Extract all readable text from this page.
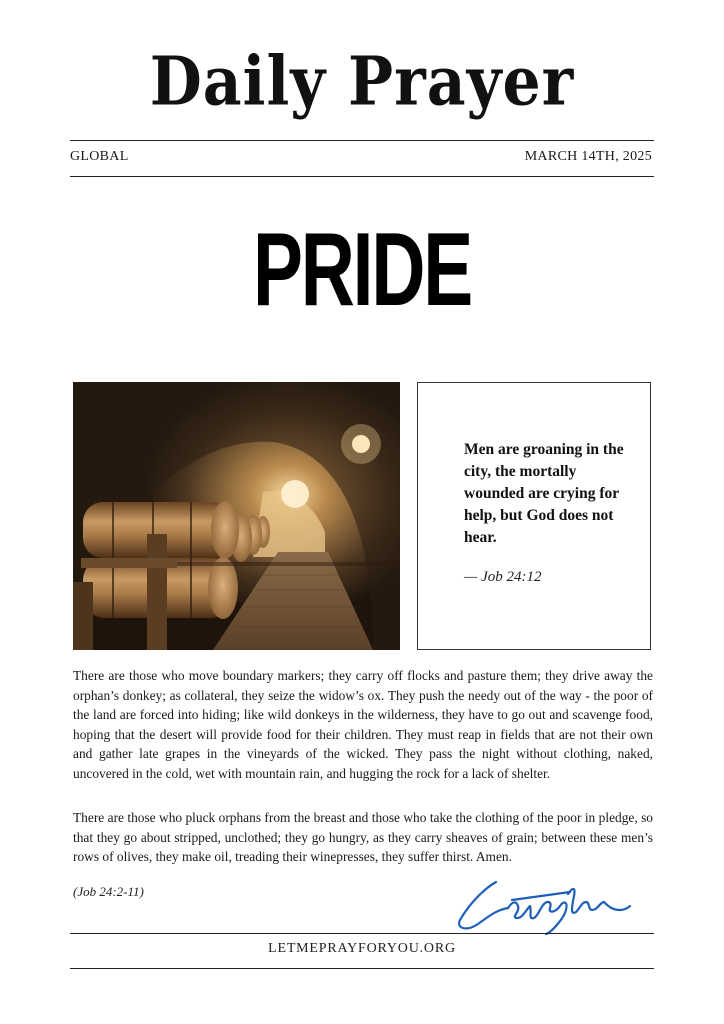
Daily Prayer
GLOBAL	MARCH 14TH, 2025
PRIDE
Men are groaning in the city, the mortally wounded are crying for help, but God does not hear.
— Job 24:12

There are those who move boundary markers; they carry off flocks and pasture them; they drive away the orphan’s donkey; as collateral, they seize the widow’s ox. They push the needy out of the way - the poor of the land are forced into hiding; like wild donkeys in the wilderness, they have to go out and scavenge food, hoping that the desert will provide food for their children. They must reap in fields that are not their own and gather late grapes in the vineyards of the wicked. They pass the night without clothing, naked, uncovered in the cold, wet with mountain rain, and hugging the rock for a lack of shelter.

There are those who pluck orphans from the breast and those who take the clothing of the poor in pledge, so that they go about stripped, unclothed; they go hungry, as they carry sheaves of grain; between these men’s rows of olives, they make oil, treading their winepresses, they suffer thirst. Amen.

(Job 24:2-11)
LETMEPRAYFORYOU.ORG
